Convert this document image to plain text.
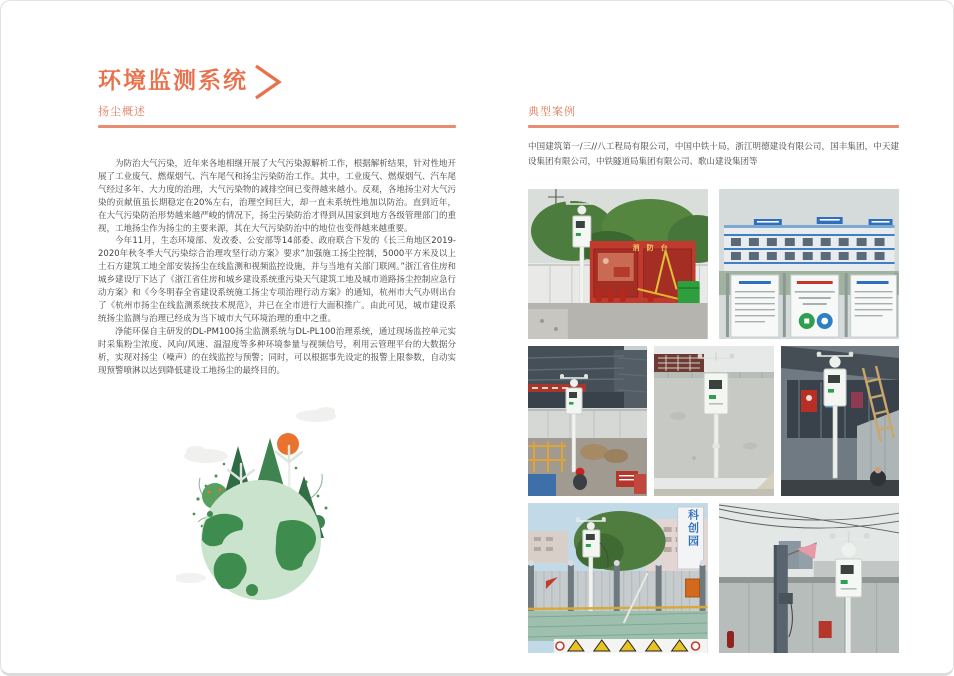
环境监测系统
扬尘概述	典型案例

为防治大气污染，近年来各地相继开展了大气污染源解析工作，根据解析结果，针对性地开展了工业废气、燃煤烟气、汽车尾气和扬尘污染防治工作。其中，工业废气、燃煤烟气、汽车尾气经过多年、大力度的治理，大气污染物的减排空间已变得越来越小。反观，各地扬尘对大气污染的贡献值虽长期稳定在20%左右，治理空间巨大，却一直未系统性地加以防治。直到近年，在大气污染防治形势越来越严峻的情况下，扬尘污染防治才得到从国家到地方各级管理部门的重视，工地扬尘作为扬尘的主要来源，其在大气污染防治中的地位也变得越来越重要。

今年11月，生态环境部、发改委、公安部等14部委、政府联合下发的《长三角地区2019-2020年秋冬季大气污染综合治理攻坚行动方案》要求“加强施工扬尘控制，5000平方米及以上土石方建筑工地全部安装扬尘在线监测和视频监控设施，并与当地有关部门联网。”浙江省住房和城乡建设厅下达了《浙江省住房和城乡建设系统重污染天气建筑工地及城市道路扬尘控制应急行动方案》和《今冬明春全省建设系统施工扬尘专项治理行动方案》的通知，杭州市大气办则出台了《杭州市扬尘在线监测系统技术规范》，并已在全市进行大面积推广。由此可见，城市建设系统扬尘监测与治理已经成为当下城市大气环境治理的重中之重。

净能环保自主研发的DL-PM100扬尘监测系统与DL-PL100治理系统，通过现场监控单元实时采集粉尘浓度、风向/风速、温湿度等多种环境参量与视频信号，利用云管理平台的大数据分析，实现对扬尘（噪声）的在线监控与预警；同时，可以根据事先设定的报警上限参数，自动实现预警喷淋以达到降低建设工地扬尘的最终目的。

中国建筑第一/三//八工程局有限公司，中国中铁十局，浙江明德建设有限公司，国丰集团，中天建设集团有限公司，中铁隧道局集团有限公司、歌山建设集团等

消防台
科创园
